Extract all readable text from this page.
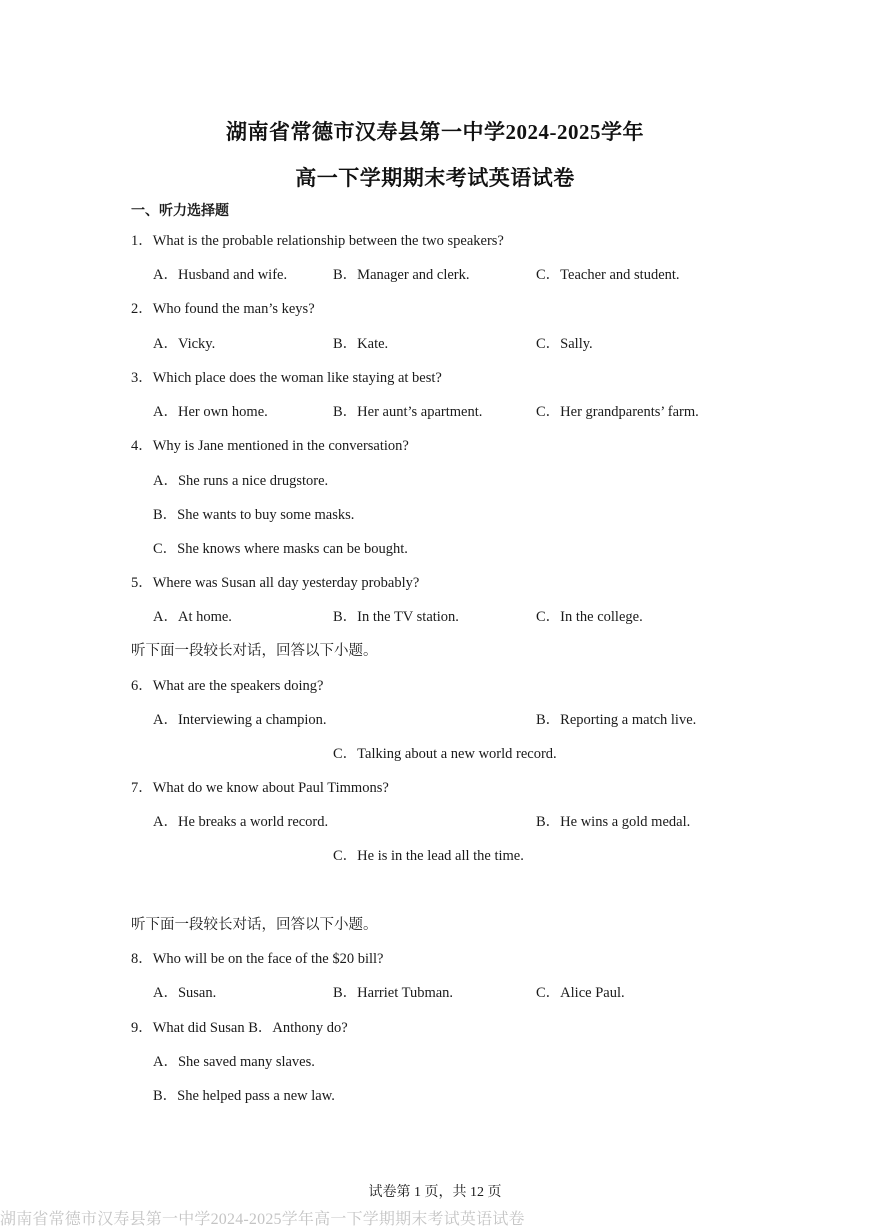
湖南省常德市汉寿县第一中学2024-2025学年
高一下学期期末考试英语试卷
一、听力选择题
1．What is the probable relationship between the two speakers?
A．Husband and wife.	B．Manager and clerk.	C．Teacher and student.
2．Who found the man’s keys?
A．Vicky.	B．Kate.	C．Sally.
3．Which place does the woman like staying at best?
A．Her own home.	B．Her aunt’s apartment.	C．Her grandparents’ farm.
4．Why is Jane mentioned in the conversation?
A．She runs a nice drugstore.
B．She wants to buy some masks.
C．She knows where masks can be bought.
5．Where was Susan all day yesterday probably?
A．At home.	B．In the TV station.	C．In the college.
听下面一段较长对话，回答以下小题。
6．What are the speakers doing?
A．Interviewing a champion.	B．Reporting a match live.
C．Talking about a new world record.
7．What do we know about Paul Timmons?
A．He breaks a world record.	B．He wins a gold medal.
C．He is in the lead all the time.
听下面一段较长对话，回答以下小题。
8．Who will be on the face of the $20 bill?
A．Susan.	B．Harriet Tubman.	C．Alice Paul.
9．What did Susan B．Anthony do?
A．She saved many slaves.
B．She helped pass a new law.
试卷第 1 页，共 12 页
湖南省常德市汉寿县第一中学2024-2025学年高一下学期期末考试英语试卷
